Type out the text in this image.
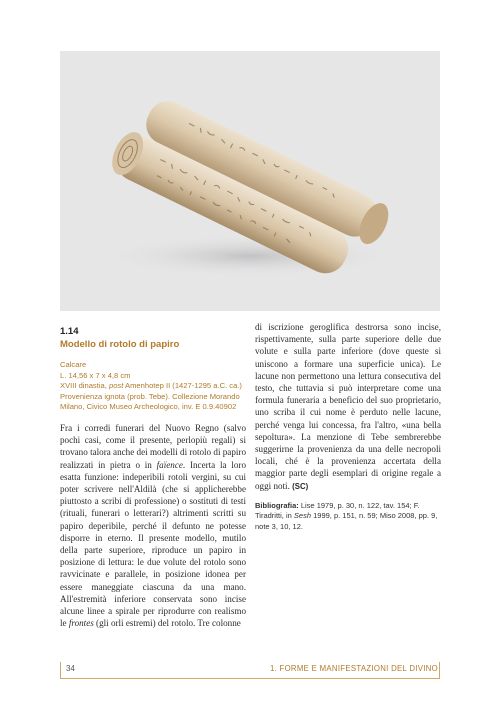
1.14
Modello di rotolo di papiro
Calcare
L. 14,56 x 7 x 4,8 cm
XVIII dinastia, post Amenhotep II (1427-1295 a.C. ca.)
Provenienza ignota (prob. Tebe). Collezione Morando
Milano, Civico Museo Archeologico, inv. E 0.9.40902

Fra i corredi funerari del Nuovo Regno (salvo pochi casi, come il presente, perlopiù regali) si trovano talora anche dei modelli di rotolo di papiro realizzati in pietra o in faïence. Incerta la loro esatta funzione: indeperibili rotoli vergini, su cui poter scrivere nell'Aldilà (che si applicherebbe piuttosto a scribi di professione) o sostituti di testi (rituali, funerari o letterari?) altrimenti scritti su papiro deperibile, perché il defunto ne potesse disporre in eterno. Il presente modello, mutilo della parte superiore, riproduce un papiro in posizione di lettura: le due volute del rotolo sono ravvicinate e parallele, in posizione idonea per essere maneggiate ciascuna da una mano. All'estremità inferiore conservata sono incise alcune linee a spirale per riprodurre con realismo le frontes (gli orli estremi) del rotolo. Tre colonne

di iscrizione geroglifica destrorsa sono incise, rispettivamente, sulla parte superiore delle due volute e sulla parte inferiore (dove queste si uniscono a formare una superficie unica). Le lacune non permettono una lettura consecutiva del testo, che tuttavia si può interpretare come una formula funeraria a beneficio del suo proprietario, uno scriba il cui nome è perduto nelle lacune, perché venga lui concessa, fra l'altro, «una bella sepoltura». La menzione di Tebe sembrerebbe suggerirne la provenienza da una delle necropoli locali, ché è la provenienza accertata della maggior parte degli esemplari di origine regale a oggi noti. (SC)

Bibliografia: Lise 1979, p. 30, n. 122, tav. 154; F. Tiradritti, in Sesh 1999, p. 151, n. 59; Miso 2008, pp. 9, note 3, 10, 12.
34	1. FORME E MANIFESTAZIONI DEL DIVINO
